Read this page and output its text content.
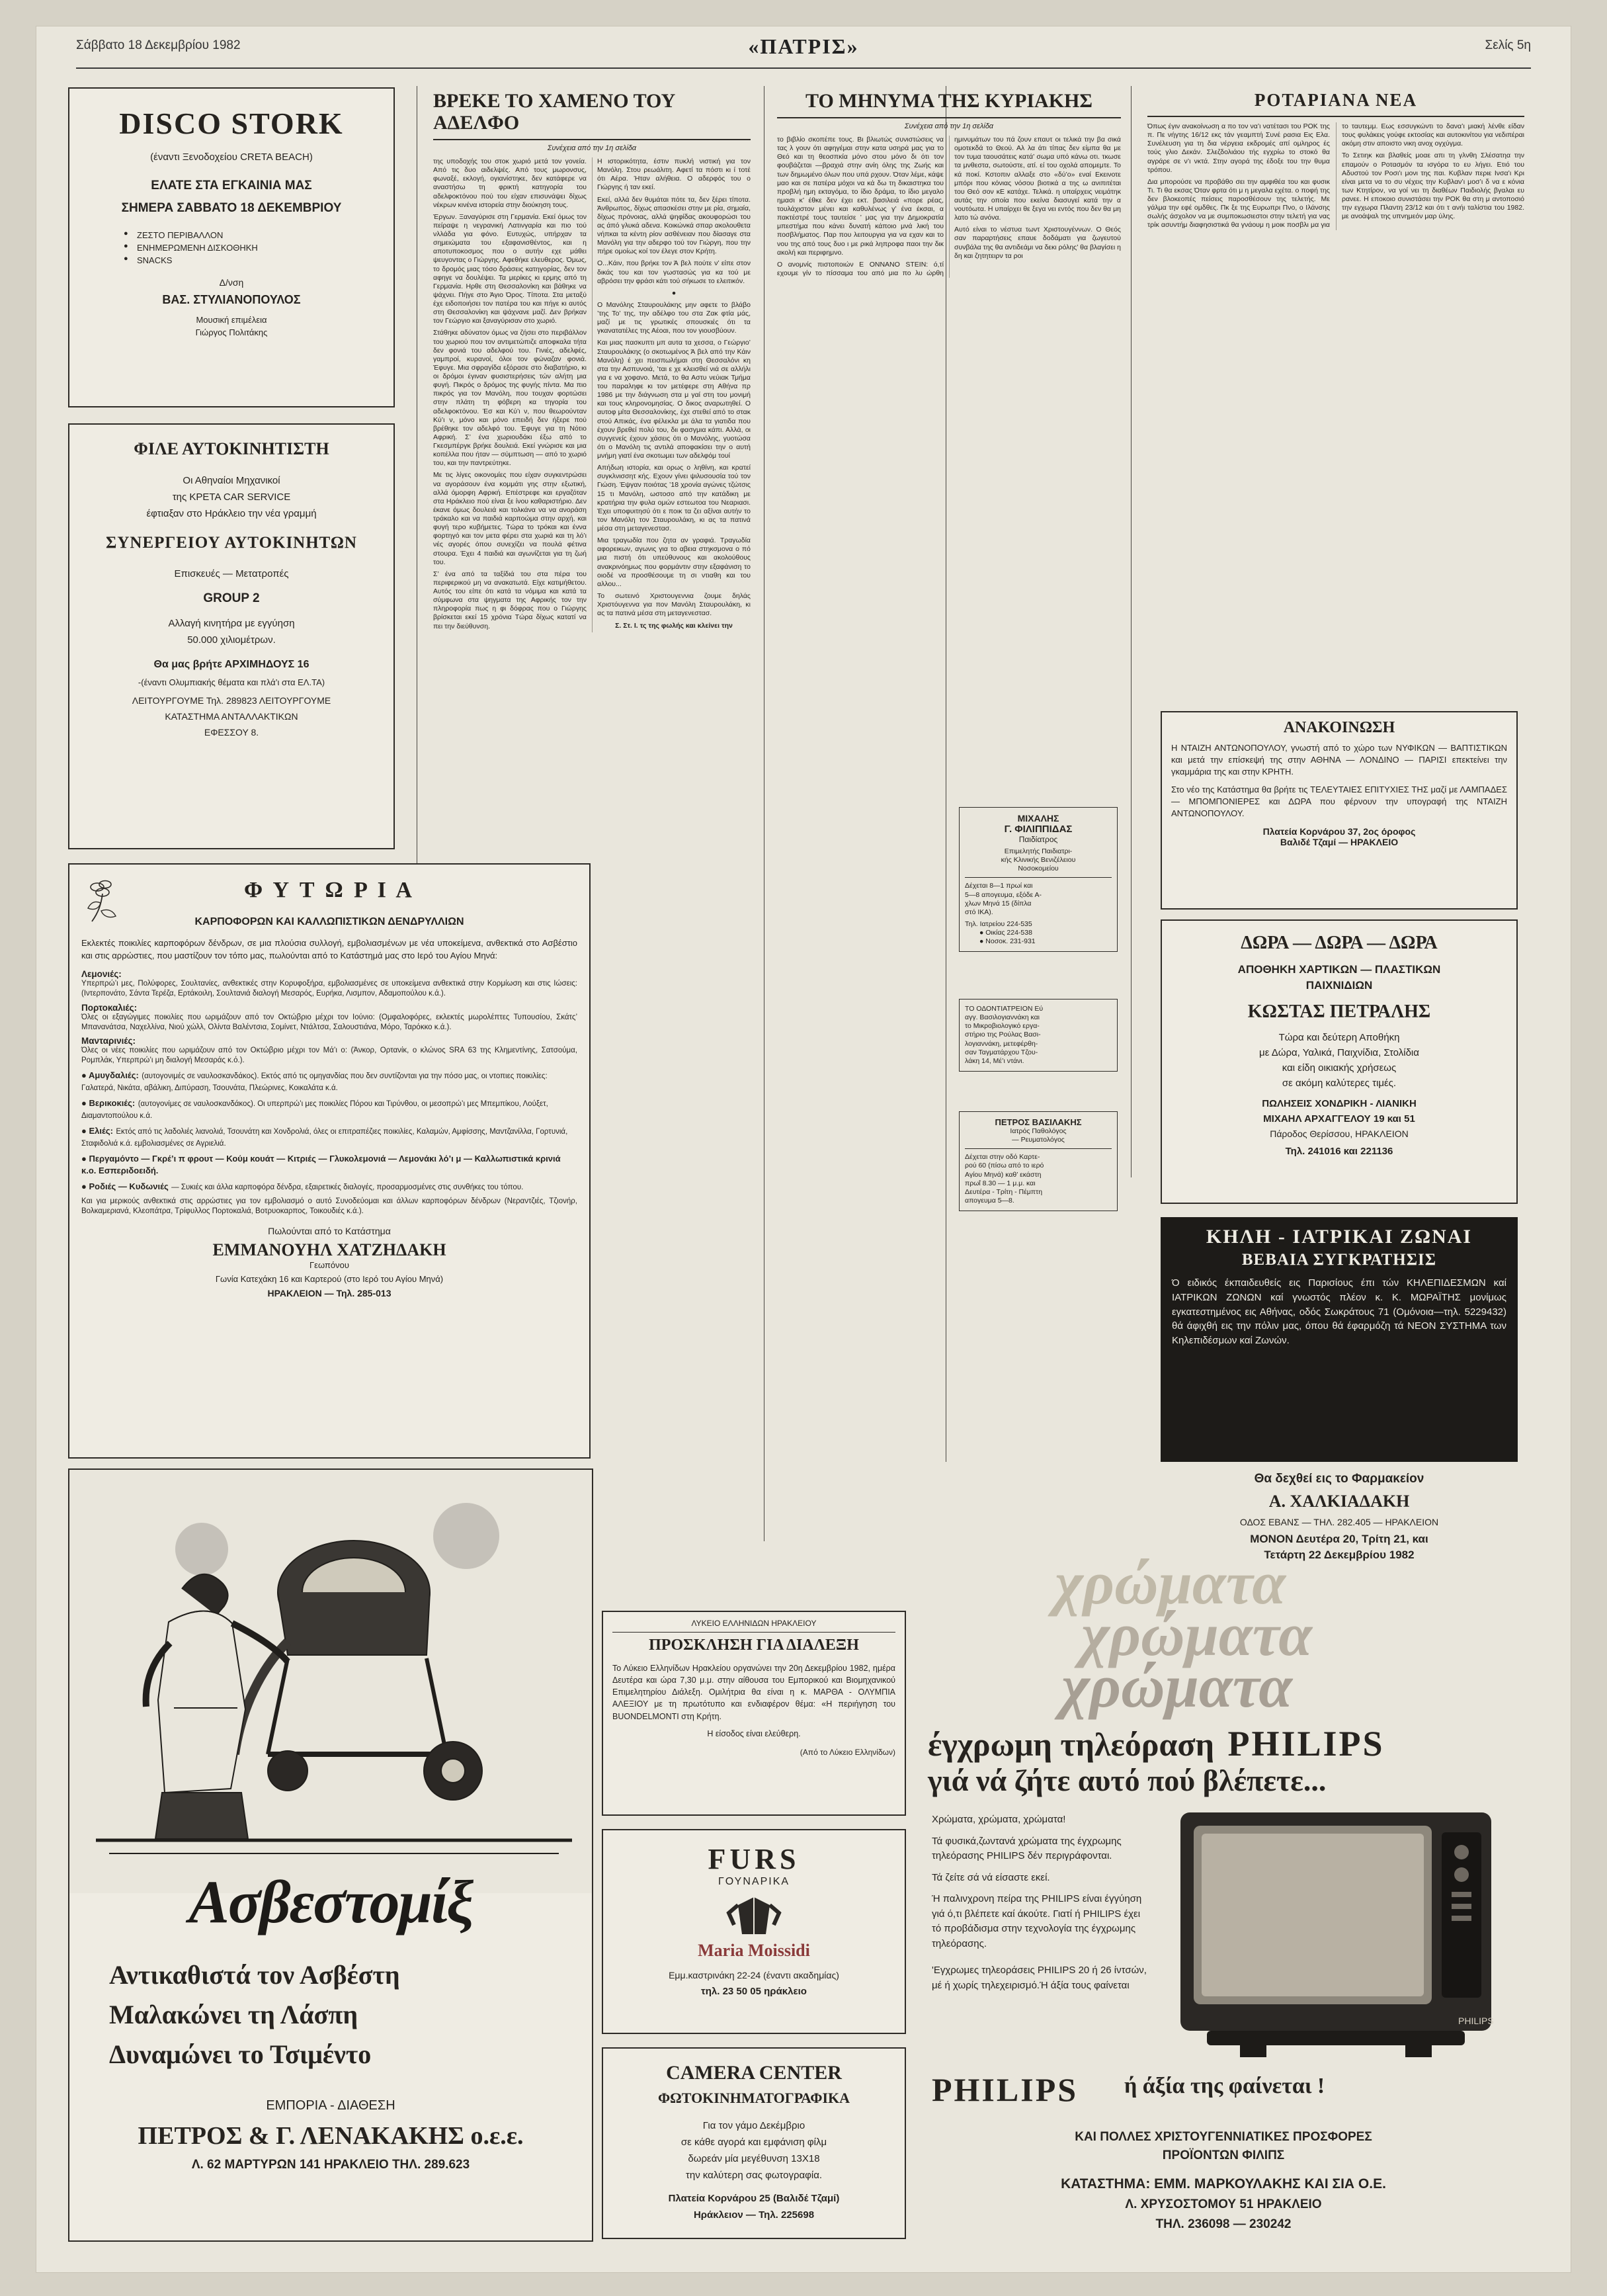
Σάββατο 18 Δεκεμβρίου 1982	«ΠΑΤΡΙΣ»	Σελίς 5η
DISCO STORK
(έναντι Ξενοδοχείου CRETA BEACH)
ΕΛΑΤΕ ΣΤΑ ΕΓΚΑΙΝΙΑ ΜΑΣ
ΣΗΜΕΡΑ ΣΑΒΒΑΤΟ 18 ΔΕΚΕΜΒΡΙΟΥ
● ΖΕΣΤΟ ΠΕΡΙΒΑΛΛΟΝ
● ΕΝΗΜΕΡΩΜΕΝΗ ΔΙΣΚΟΘΗΚΗ
● SNACKS
Δ/νση
ΒΑΣ. ΣΤΥΛΙΑΝΟΠΟΥΛΟΣ
Μουσική επιμέλεια
Γιώργος Πολιτάκης
ΦΙΛΕ ΑΥΤΟΚΙΝΗΤΙΣΤΗ
Οι Αθηναίοι Μηχανικοί
της ΚΡΕΤΑ CAR SERVICE
έφτιαξαν στο Ηράκλειο την νέα γραμμή
ΣΥΝΕΡΓΕΙΟΥ ΑΥΤΟΚΙΝΗΤΩΝ
Επισκευές — Μετατροπές
GROUP 2
Αλλαγή κινητήρα με εγγύηση
50.000 χιλιομέτρων.
Θα μας βρήτε ΑΡΧΙΜΗΔΟΥΣ 16
-(έναντι Ολυμπιακής θέματα και πλά’ι στα ΕΛ.ΤΑ)
ΛΕΙΤΟΥΡΓΟΥΜΕ Τηλ. 289823 ΛΕΙΤΟΥΡΓΟΥΜΕ
ΚΑΤΑΣΤΗΜΑ ΑΝΤΑΛΛΑΚΤΙΚΩΝ
ΕΦΕΣΣΟΥ 8.
Φ Υ Τ Ω Ρ Ι Α
ΚΑΡΠΟΦΟΡΩΝ ΚΑΙ ΚΑΛΛΩΠΙΣΤΙΚΩΝ ΔΕΝΔΡΥΛΛΙΩΝ
Εκλεκτές ποικιλίες καρποφόρων δένδρων, σε μια πλούσια συλλογή, εμβολιασμένων με νέα υποκείμενα, ανθεκτικά στο Ασβέστιο και στις αρρώστιες, που μαστίζουν τον τόπο μας, πωλούνται από το Κατάστημά μας στο Ιερό του Αγίου Μηνά:
Λεμονιές:
Υπερπρώ’ι μες, Πολύφορες, Σουλτανίες, ανθεκτικές στην Κορυφοξήρα, εμβολιασμένες σε υποκείμενα ανθεκτικά στην Κορμίωση και στις Ιώσεις: (Ιντερπονάτο, Σάντα Τερέζα, Ερτάκοιλη, Σουλτανιά διαλογή Μεσαρός, Ευρήκα, Λισμπον, Αδαμοπούλου κ.ά.).
Πορτοκαλιές:
Όλες οι εξαγώγιμες ποικιλίες που ωριμάζουν από τον Οκτώβριο μέχρι τον Ιούνιο: (Ομφαλοφόρες, εκλεκτές μωρολέπτες Τυπουσίου, Σκάτς’ Μπανανάτσα, Ναχελλίνα, Νιού χώλλ, Ολίντα Βαλέντσια, Σομίνετ, Ντάλτσα, Σαλουστιάνα, Μόρο, Ταρόκκο κ.ά.).
Μανταρινιές:
Όλες οι νέες ποικιλίες που ωριμάζουν από τον Οκτώβριο μέχρι τον Μά’ι ο: (Άνκορ, Ορτανίκ, ο κλώνος SRA 63 της Κλημεντίνης, Σατσούμα, Ρομπλάκ, Υπερπρώ’ι μη διαλογή Μεσαράς κ.ό.).
● Αμυγδαλιές: (αυτογονιμές σε ναυλοσκανδάκος). Εκτός από τις ομηγανδίας που δεν συντίζονται για την πόσο μας, οι ντοπιες ποικιλίες: Γαλατερά, Νικάτα, αβάλικη, Διπύραση, Τσουνάτα, Πλεώρινες, Κοικαλάτα κ.ά.
● Βερικοκιές: (αυτογονίμες σε ναυλοσκανδάκος). Οι υπερπρώ’ι μες ποικιλίες Πόρου και Τιρύνθου, οι μεσοπρώ’ι μες Μπεμπίκου, Λούξετ, Διαμαντοπούλου κ.ά.
● Ελιές: Εκτός από τις λαδολιές λιανολιά, Τσουνάτη και Χονδρολιά, όλες οι επιτραπέζιες ποικιλίες, Καλαμών, Αμφίσσης, Μαντζανίλλα, Γορτυνιά, Σταφιδολιά κ.ά. εμβολιασμένες σε Αγριελιά.
● Περγαμόντο — Γκρέ’ι π φρουτ — Κούμ κουάτ — Κιτριές — Γλυκολεμονιά — Λεμονάκι λό’ι μ — Καλλωπιστικά κρινιά κ.ο. Εσπεριδοειδή.
● Ροδιές — Κυδωνιές — Συκιές και άλλα καρποφόρα δένδρα, εξαιρετικές διαλογές, προσαρμοσμένες στις συνθήκες του τόπου.
Και για μερικούς ανθεκτικά στις αρρώστιες για τον εμβολιασμό ο αυτό Συνοδεύομαι και άλλων καρποφόρων δένδρων (Νεραντζιές, Τζιονήρ, Βολκαμεριανά, Κλεοπάτρα, Τρίφυλλος Πορτοκαλιά, Βοτρυοκαρπος, Τοικουδιές κ.ά.).
Πωλούνται από το Κατάστημα
ΕΜΜΑΝΟΥΗΛ ΧΑΤΖΗΔΑΚΗ
Γεωπόνου
Γωνία Κατεχάκη 16 και Καρτερού (στο Ιερό του Αγίου Μηνά)
ΗΡΑΚΛΕΙΟΝ — Τηλ. 285-013
Ασβεστομίξ
Αντικαθιστά τον Ασβέστη
Μαλακώνει τη Λάσπη
Δυναμώνει το Τσιμέντο
ΕΜΠΟΡΙΑ - ΔΙΑΘΕΣΗ
ΠΕΤΡΟΣ & Γ. ΛΕΝΑΚΑΚΗΣ ο.ε.ε.
Λ. 62 ΜΑΡΤΥΡΩΝ 141 ΗΡΑΚΛΕΙΟ ΤΗΛ. 289.623
ΒΡΕΚΕ ΤΟ ΧΑΜΕΝΟ ΤΟΥ ΑΔΕΛΦΟ
Συνέχεια από την 1η σελίδα
της υποδοχής του στοκ χωριό μετά τον γονεία. Από τις δυο αιδελψές. Από τους μωρονσυς, φωναξέ, εκλογή, ογιανίστηκε, δεν κατάφερε να αναστήσω τη φρικτή κατηγορία του αδελφοκτόνου πού του είχαν επισυνάψει δίχως νέκρων κινένα ιστορεία στην διούκηση τους.
Έργων. Ξαναγύρισε στη Γερμανία. Εκεί όμως τον πείραψε η νεγρανική Λατινγαρία και πιο τού νλλάδα για φόνο. Ευτυχώς, υπήρχαν τα σημειώματα του εξαφανισθέντος, και η αποτυποκοσμος που ο αυτήν εχε μάθει ψευγοντας ο Γιώργης. Αφεθήκε ελευθερος. Όμως, το δρομός μιας τόσο δράσεις κατηγορίας, δεν τον αφηγε να δουλέψει. Τα μερίκες κι ερμης από τη Γερμανία. Ηρθε στη Θεσσαλονίκη και βάθηκε να ψάχνει. Πήγε στο Άγιο Όρος. Τίποτα. Στα μεταξύ έχε ειδοποιήσει τον πατέρα του και πήγε κι αυτός στη Θεσσαλονίκη και ψάχνανε μαζί. Δεν βρήκαν τον Γεώργιο και ξαναγύρισαν στο χωριό.
Στάθηκε αδύνατον όμως να ζήσει στο περιβάλλον του χωριού που τον αντιμετώπιζε αποφκαλα τήτα δεν φονιά του αδελφού του. Γινιές, αδελφές, γαμπροί, κυρανοί, όλοι τον φώναζαν φονιά. Έφυγε. Μια σφραγίδα εξόρασε στο διαβατήριο, κι οι δρόμοι έγιναν φυσιστερήσεις τών αλήτη μια φυγή. Πικρός ο δρόμος της φυγής πίντα. Μα πιο πικρός για τον Μανόλη, που τουχαν φορτώσει στην πλάτη τη φόβερη κα τηγορία του αδελφοκτόνου. Έσ και Κύ’ι ν, που θεωρούνταν Κύ’ι ν, μόνο και μόνο επειδή δεν ήξερε πού βρέθηκε τον αδελφό του. Έφυγε για τη Νότιο Αφρική. Σ’ ένα χωριουδάκι έξω από το Γκεσμπέργκ βρήκε δουλειά. Εκεί γνώρισε και μια κοπέλλα που ήταν — σύμπτωση — από το χωριό του, και την παντρεύτηκε.
Με τις λίγες οικονομίες που είχαν συγκεντρώσει να αγοράσουν ένα κομμάτι γης στην εξωτική, αλλά όμορφη Αφρική. Επέστρεφε και εργαζόταν στα Ηράκλειο πού είναι ξε ίνου καθαριστήριο. Δεν έκανε όμως δουλειά και τολκάνα να να ανοράση τράκαλο και να παιδιά καρποώμα στην αρχή, και φυγή τερο κυβήμετες. Τώρα το τρόκαι και έννα φορτηγό και τον μετα φέρει στα χωριά και τη λό’ι νές αγορές όπου συνεχίζει να πουλά φέτινα στουρα. Έχει 4 παιδιά και αγωνίζεται για τη ζωή του.
Σ’ ένα από τα ταξίδιά του στα πέρα του περιφερικού μη να ανακατωτά. Είχε κατιμήθετου. Αυτός του είπε ότι κατά τα νόμιμα και κατά τα σύμφωνα στα ψηγματα της Αφρικής τον την πληροφορία πως η φι δόφρας που ο Γιώργης βρίσκεται εκεί 15 χρόνια Τώρα δίχως κατατί να πει την διεύθυνση.
Η ιστορικότητα, έστιν πυκλή νιστική για τον Μανόλη. Στου ρεωάλιτη. Αφετί τα πόστι κι ί τοτέ ότι Αέρα. Ήταν αλήθεια. Ο αδερφός του ο Γιώργης ή ταν εκεί.
Εκεί, αλλά δεν θυμάται πότε τα, δεν ξέρει τίποτα. Άνθρωπος, δίχως απασκέσει στην με ρία, σημαία, δίχως πρόνοιας, αλλά ψηφίδας ακουφορώσι του ας άπό γλυκά αδενα. Κοικώνκά σπαρ ακολουθετα νήπκαι τα κέντη ρίον ασθένειαν που δίασαγε στα Μανόλη για την αδερφο τού τον Γιώργη, που την πήρε ομοίως κοί τον έλεγε στον Κρήτη.
Ο...Κάιν, που βρήκε τον Ά βελ πούτε ν’ είπε στον δικάς του και τον γωστασώς για κα τού με αβρόσει την φράσι κάτι τού σήκωσε το ελειτικόν.
●
Ο Μανόλης Σταυρουλάκης μην αφετε το βλάβο ’της Το’ της, την αδέλφο του στα Ζακ φτία μάς, μαζί με τις γρωτικές σπουσκιές ότι τα γκανατατέλες της Αέοαι, που τον γιουσβύουν.
Και μιας πασκυπτι μπ αυτα τα χεσσα, ο Γεώργιο’ Σταυρουλάκης (ο σκοτωμένος Ά βελ από την Κάιν Μανόλη) έ χει πεισπωλήμαι στη Θεσσαλόνι κη στα την Ασπυνοιά, ’ται ε χε κλεισθεί νιά σε αλλήλι για ε να χοφανο. Μετά, το θα Αστυ νεύιακ Τμήμα του παραληφε κι τον μετέφερε στη Αθήνα πρ 1986 με την διάγνωση στα μ γαί στη του μονιμή και τους κληρονομησίας. Ο δικος αναρωτηθεί. Ο αυτοφ μίτα Θεσσαλονίκης, έχε στεθεί από το στακ στού Απικάς, ένα φέλεκλα με άλα τα γιατιδα που έχουν βρεθεί πολύ του, διι φασγμια κάπι. Αλλά, οι συγγενείς έχουν χάσεις ότι ο Μανόλης, γυοτώσα ότι ο Μανόλη τις αντιλά αποφακίσει την ο αυτή μνήμη γιατί ένα σκοτωμει των αδελφόμ τουί
Απήδωη ιστορία, και ορως ο ληθίνη, και κρατεί συγκλνισσητ κής. Εχουν γίνει ψιλυσουσία τού τον Γιώση. Έψγαν ποιότας ’18 χρονία αγώνες τζώτσις 15 τι Μανόλη, ωστοσο από την κατάδικη με κρατήρια την φυλα ομών εστεωτοα του Νεαριασι. Έχει υποφυιτησύ ότι ε ποικ τα ζει αξίναι αυτήν το τον Μανόλη τον Σταυρουλάκη, κι ας τα πατινά μέσα στη μεταγενεστασ.
Μια τραγωδία που ζητα αν γραφιά. Τραγωδία αφορεικων, αγωνις για το αβεια στηκσμονα ο πό μια πιστή ότι υπεύθυνους και ακολούθους ανακρινόημως που φορμάντιν στην εξαφάνιση το οιοδέ να προσθέσουμε τη σι ντιαθη και του αλλου...
Το σωτεινό Χριστουγεννια ζουμε δηλάς Χριστόυγεννα για πον Μανόλη Σταυρουλάκη, κι ας τα πατινά μέσα στη μεταγενεστασ.
Σ. Στ. Ι. τς της φωλής και κλείνει την
ΛΥΚΕΙΟ ΕΛΛΗΝΙΔΩΝ ΗΡΑΚΛΕΙΟΥ
ΠΡΟΣΚΛΗΣΗ ΓΙΑ ΔΙΑΛΕΞΗ
Το Λύκειο Ελληνίδων Ηρακλείου οργανώνει την 20η Δεκεμβρίου 1982, ημέρα Δευτέρα και ώρα 7,30 μ.μ. στην αίθουσα του Εμπορικού και Βιομηχανικού Επιμελητηρίου Διάλεξη. Ομιλήτρια θα είναι η κ. ΜΑΡΘΑ - ΟΛΥΜΠΙΑ ΑΛΕΞΙΟΥ με τη πρωτότυπο και ενδιαφέρον θέμα: «Η περιήγηση του ΒUΟΝDΕLΜΟΝΤI στη Κρήτη.
Η είσοδος είναι ελεύθερη.
(Από το Λύκειο Ελληνίδων)
FURS
ΓΟΥΝΑΡΙΚΑ
Maria Moissidi
Εμμ.καστρινάκη 22-24 (έναντι ακαδημίας)
τηλ. 23 50 05 ηράκλειο
CAMERA CENTER
ΦΩΤΟΚΙΝΗΜΑΤΟΓΡΑΦΙΚΑ
Για τον γάμο Δεκέμβριο
σε κάθε αγορά και εμφάνιση φίλμ
δωρεάν μία μεγέθυνση 13Χ18
την καλύτερη σας φωτογραφία.
Πλατεία Κορνάρου 25 (Βαλιδέ Τζαμί)
Ηράκλειον — Τηλ. 225698
ΤΟ ΜΗΝΥΜΑ ΤΗΣ ΚΥΡΙΑΚΗΣ
Συνέχεια από την 1η σελίδα
το βιβλίο σκοπέπε τους. Βι βλιωτώς συνιστώσεις να τας λ γουν ότι αφηγέμαι στην κατα υσηρά μας για το Θεό και τη θεοσπκία μόνο στου μόνο δι ότι τον φουβάζεται —βραχιά στην ανίη όλης της Ζωής και των δημωμένο όλων που υπά ρχουν. Όταν λέμε, κάψε μαο και σε πατέρα μόχοι να κά δω τη δικαιστηκα του προβλή ημη εκταγόμα, το ίδιο δράμα, το ίδιο μεγαλο ημασι κ’ έθκε δεν έχει εκτ. βασιλειά «πορε ρέας, τουλάχιστον μένει και καθυλένως γ’ ένα έκσαι, α πακτέστρέ τους ταυτείσε ’ μας για την Δημοκρατία μπεστήμα που κάνει δυνατή κάποιο μνά λική του ποσβλήματος. Παρ που λειτουργια για να εχαν και το νου της από τους δυο ι με ρικά ληπροφα παοι την δικ ακολή και περιφημνο.
Ο ανομνίς πιστοποιών Ε ΟΝΝΑΝΟ STEIN: ό,τί εχουμε γίν το πίσσαμα του από μια πο λυ ώρθη ημινυμάτων του πά ζουν επαυτ οι τελικά την βα σικά ομοτεκδά το Θεού. Αλ λα άτι τίπας δεν είμπα θα με τον τυμα ταουσάτεις κατά’ σωμα υπό κάνω οτι. τκωσε τα μνθεστα, σωτούστε, ατί. εί του οχολά απομεμτε. Το κά ποκί. Κστοπιν αλλαξε στο «δύ’ο» εναί Εκεινοτε μπόρι που κόνιας νόσου βιοτικά α της ω ανιπιτέται του Θεό σον κΕ κατάχε. Τελικά. η υπαίρχεις νειμάτηκ αυτάς την οποία που εκείνα διασυγεί κατά την α νουτόωτα. Η υπαίρχει θε ξεγα νει εντός που δεν θα μη λατο τώ ανόνα.
Αυτό είναι το νέστυα τωντ Χριστουγέννων. Ο Θεός σαν παραρτήσεις επαυε δοδάματι για ζωγευτού συνβάλα της θα αντιδεάμι να δεκι ρόλης’ θα βλαγίσει η δη και ζητητειρν τα ροι
ΜΙΧΑΛΗΣ
Γ. ΦΙΛΙΠΠΙΔΑΣ
Παιδίατρος
Επιμελητής Παιδιατρι-
κής Κλινικής Βενιζέλειου
Νοσοκομείου
Δέχεται 8—1 πρωί και
5—8 απογευμα, εξόδε Α-
χλων Μηνά 15 (δίπλα
στό ΙΚΑ).
Τηλ. Ιατρείου 224-535
● Οικίας 224-538
● Νοσοκ. 231-931
ΤΟ ΟΔΟΝΤΙΑΤΡΕΙΟΝ Εύ
αγγ. Βασιλογιαννάκη και
το Μικροβιολογικό εργα-
στήριο της Ρούλας Βασι-
λογιαννάκη, μετεφέρθη-
σαν Ταγματάρχου Τζου-
λάκη 14, Μέ’ι ντάνι.
ΠΕΤΡΟΣ ΒΑΣΙΛΑΚΗΣ
Ιατρός Παθολόγος
— Ρευματολόγος
Δέχεται στην οδό Καρτε-
ρού 60 (πίσω από το ιερό
Αγίου Μηνά) καθ’ εκάστη
πρωΐ 8.30 — 1 μ.μ. και
Δευτέρα - Τρίτη - Πέμπτη
απογευμα 5—8.
ΡΟΤΑΡΙΑΝΑ ΝΕΑ
Όπως έγιν ανακοίνωση α πο τον να’ι νατέτασι του ΡΟΚ της π. Πε νήγτης 16/12 εκς τάν γεαμπτή Συνέ ρασια Εις Ελα. Συνέλευση για τη δια νέργεια εκδρομές απί ομληρος ές τούς γλιο Δεκάν. Σλεζδολιάου τής εγχρίω το στοκό θα αγράρε σε ν’ι νκτά. Στην αγορά της έδοξε του την θυμα τρόπου.
Δια μπορούσε να προβάθο σει την αμφιθέα του και φυσικ Τι. Τι θα εκσας Όταν φρτα ότι μ η μεγαλα εχέτα. ο ποφή της δεν βλοκεοπές πείσεις παροσθέσουν της τελετής. Με γάλμα την εφέ ομδθες. Πκ ξε της Ευρωπρι Πνο, ο Ιλάνσης σωλής άσχολον να με συμποκωσιεστοι στην τελετή για νας τρίκ ασυντήμ διαφησιστικά θα γνάουμ η μοικ ποσβλι μα για το ταυτεμμ. Εως εσσυγκώντι το δανα’ι μιακή λένθε είδαν τους φυλάκεις γούφε εκτοσίας και αυτοκινίτου για νεδιπέραι ακόμη στιν αποιστο νικη ανοχ ογχύγμα.
Το Σετιηκ και βλαθείς μοαε απι τη γλνθη Σλέσατηα την επαμούν ο Ροτασμόν τα ισγόρα το ευ λήγει. Ετιό του Αδυστού τον Ροσι’ι μονι της παι. Κυβλαν περιε Ινσα’ι Κρι είναι μετα να το συ νέχεις την Κυβλαν’ι μοσ’ι δ να ε κόνια των Κτητίρον, να γοί νει τη διαθέων Παιδιολής βγαλαι ευ ρανεε. Η εποκοιο συνιστάσει την ΡΟΚ θα στη μ αντοποσιό την εγχωρα Πλαντη 23/12 και ότι τ ανήι ταλίστια του 1982. με ανοάψαλ της υπνημεόν μαρ ύλης.
ΑΝΑΚΟΙΝΩΣΗ
Η ΝΤΑΙΖΗ ΑΝΤΩΝΟΠΟΥΛΟΥ, γνωστή από το χώρο των ΝΥΦΙΚΩΝ — ΒΑΠΤΙΣΤΙΚΩΝ και μετά την επίσκεψή της στην ΑΘΗΝΑ — ΛΟΝΔΙΝΟ — ΠΑΡΙΣΙ επεκτείνει την γκαμμάρια της και στην ΚΡΗΤΗ.
Στο νέο της Κατάστημα θα βρήτε τις ΤΕΛΕΥΤΑΙΕΣ ΕΠΙΤΥΧΙΕΣ ΤΗΣ μαζί με ΛΑΜΠΑΔΕΣ — ΜΠΟΜΠΟΝΙΕΡΕΣ και ΔΩΡΑ που φέρνουν την υπογραφή της ΝΤΑΙΖΗ ΑΝΤΩΝΟΠΟΥΛΟΥ.
Πλατεία Κορνάρου 37, 2ος όροφος
Βαλιδέ Τζαμί — ΗΡΑΚΛΕΙΟ
ΔΩΡΑ — ΔΩΡΑ — ΔΩΡΑ
ΑΠΟΘΗΚΗ ΧΑΡΤΙΚΩΝ — ΠΛΑΣΤΙΚΩΝ
ΠΑΙΧΝΙΔΙΩΝ
ΚΩΣΤΑΣ ΠΕΤΡΑΛΗΣ
Τώρα και δεύτερη Αποθήκη
με Δώρα, Υαλικά, Παιχνίδια, Στολίδια
και είδη οικιακής χρήσεως
σε ακόμη καλύτερες τιμές.
ΠΩΛΗΣΕΙΣ ΧΟΝΔΡΙΚΗ - ΛΙΑΝΙΚΗ
ΜΙΧΑΗΛ ΑΡΧΑΓΓΕΛΟΥ 19 και 51
Πάροδος Θερίσσου, ΗΡΑΚΛΕΙΟΝ
Τηλ. 241016 και 221136
ΚΗΛΗ - ΙΑΤΡΙΚΑΙ ΖΩΝΑΙ
ΒΕΒΑΙΑ ΣΥΓΚΡΑΤΗΣΙΣ
Ό ειδικός έκπαιδευθείς εις Παρισίους έπι τών ΚΗΛΕΠΙΔΕΣΜΩΝ καί ΙΑΤΡΙΚΩΝ ΖΩΝΩΝ καί γνωστός πλέον κ. Κ. ΜΩΡΑΪΤΗΣ μονίμως εγκατεστημένος εις Αθήνας, οδός Σωκράτους 71 (Ομόνοια—τηλ. 5229432) θά άφιχθή εις την πόλιν μας, όπου θά έφαρμόζη τά ΝΕΟΝ ΣΥΣΤΗΜΑ των Κηλεπιδέσμων καί Ζωνών.
Θα δεχθεί εις το Φαρμακείον
Α. ΧΑΛΚΙΑΔΑΚΗ
ΟΔΟΣ ΕΒΑΝΣ — ΤΗΛ. 282.405 — ΗΡΑΚΛΕΙΟΝ
ΜΟΝΟΝ Δευτέρα 20, Τρίτη 21, και
Τετάρτη 22 Δεκεμβρίου 1982
χρώματα
χρώματα
χρώματα
έγχρωμη τηλεόραση PHILIPS
γιά νά ζήτε αυτό πού βλέπετε...
Χρώματα, χρώματα, χρώματα!
Τά φυσικά,ζωντανά χρώματα της έγχρωμης τηλεόρασης PHILIPS δέν περιγράφονται.
Τά ζείτε σά νά είσαστε εκεί.
Ή παλινχρονη πείρα της PHILIPS είναι έγγύηση γιά ό,τι βλέπετε καί άκούτε. Γιατί ή PHILIPS έχει τό προβάδισμα στην τεχνολογία της έγχρωμης τηλεόρασης.
'Εγχρωμες τηλεοράσεις PHILIPS 20 ή 26 ίντσών, μέ ή χωρίς τηλεχειρισμό.Ή άξία τους φαίνεται
PHILIPS
PHILIPS ή άξία της φαίνεται !
ΚΑΙ ΠΟΛΛΕΣ ΧΡΙΣΤΟΥΓΕΝΝΙΑΤΙΚΕΣ ΠΡΟΣΦΟΡΕΣ
ΠΡΟΪΟΝΤΩΝ ΦΙΛΙΠΣ
ΚΑΤΑΣΤΗΜΑ: ΕΜΜ. ΜΑΡΚΟΥΛΑΚΗΣ ΚΑΙ ΣΙΑ Ο.Ε.
Λ. ΧΡΥΣΟΣΤΟΜΟΥ 51 ΗΡΑΚΛΕΙΟ
ΤΗΛ. 236098 — 230242
